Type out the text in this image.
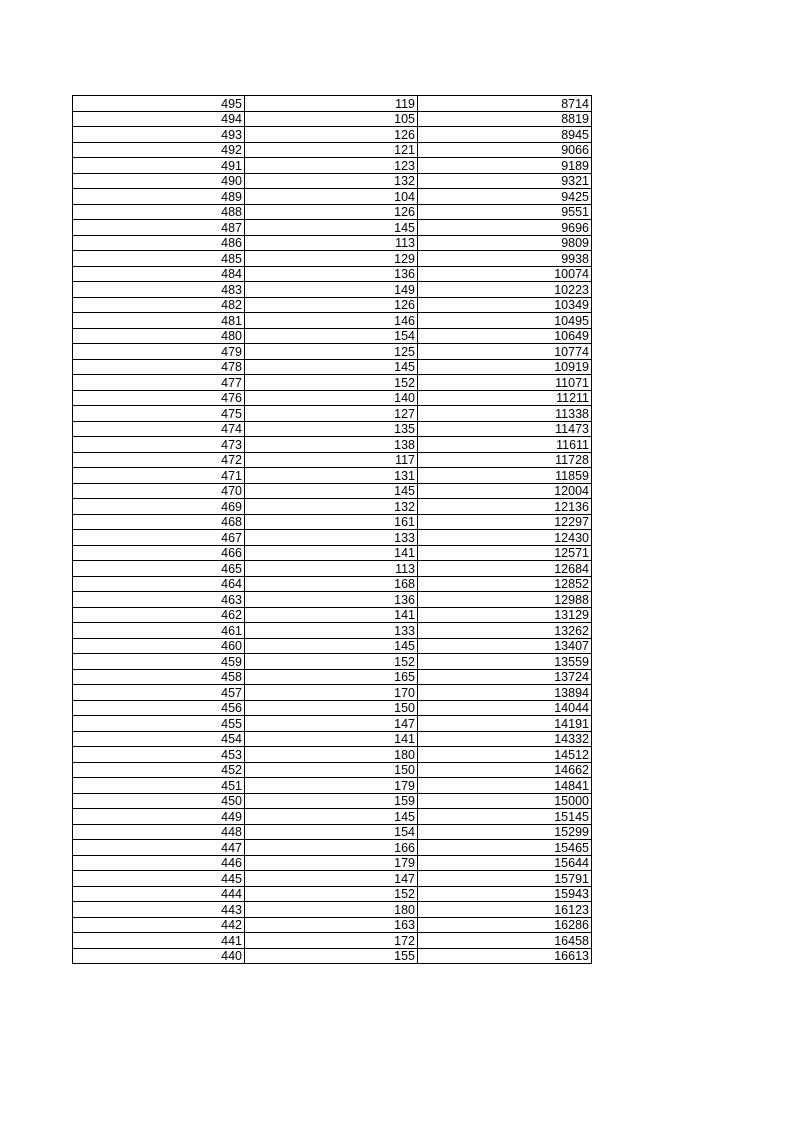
495	119	8714
494	105	8819
493	126	8945
492	121	9066
491	123	9189
490	132	9321
489	104	9425
488	126	9551
487	145	9696
486	113	9809
485	129	9938
484	136	10074
483	149	10223
482	126	10349
481	146	10495
480	154	10649
479	125	10774
478	145	10919
477	152	11071
476	140	11211
475	127	11338
474	135	11473
473	138	11611
472	117	11728
471	131	11859
470	145	12004
469	132	12136
468	161	12297
467	133	12430
466	141	12571
465	113	12684
464	168	12852
463	136	12988
462	141	13129
461	133	13262
460	145	13407
459	152	13559
458	165	13724
457	170	13894
456	150	14044
455	147	14191
454	141	14332
453	180	14512
452	150	14662
451	179	14841
450	159	15000
449	145	15145
448	154	15299
447	166	15465
446	179	15644
445	147	15791
444	152	15943
443	180	16123
442	163	16286
441	172	16458
440	155	16613
